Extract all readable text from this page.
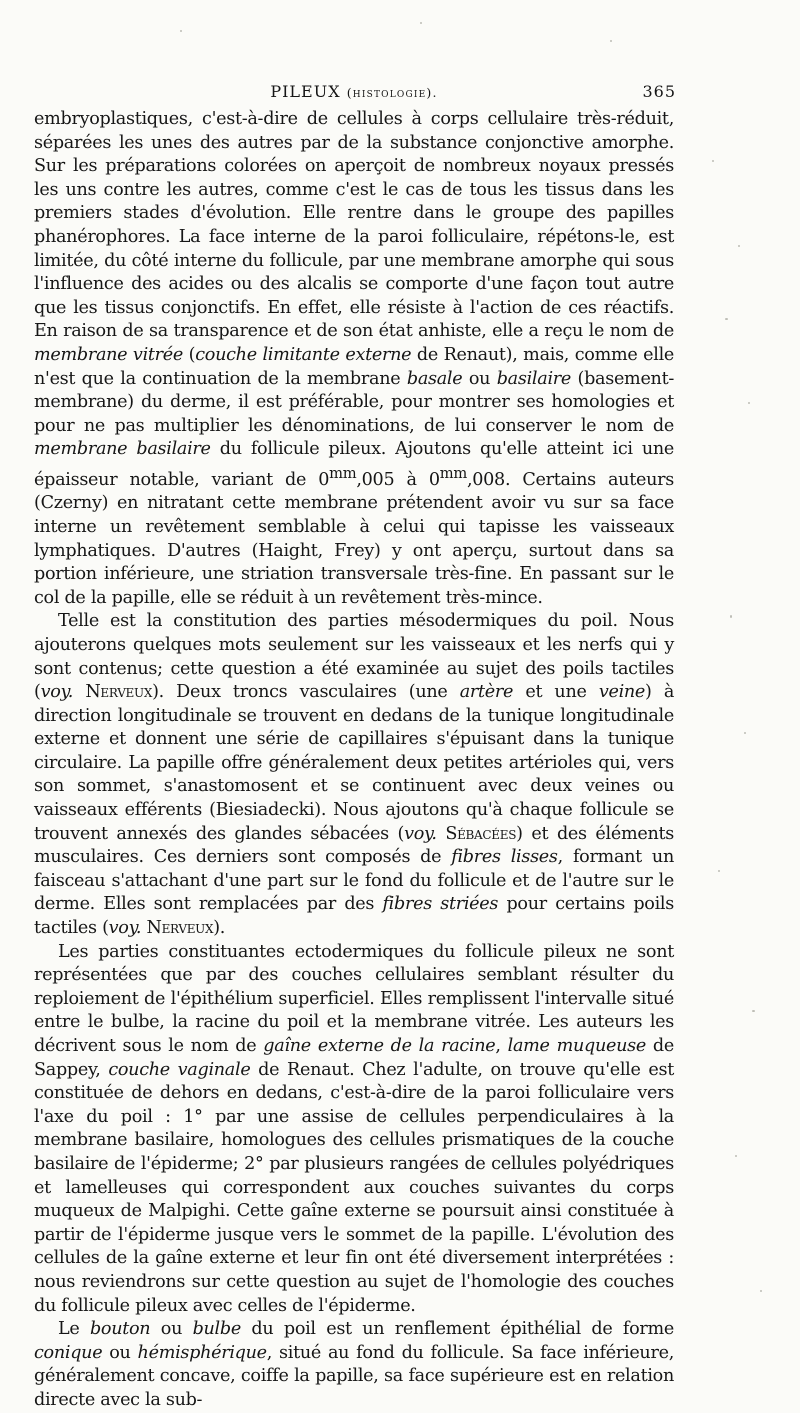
PILEUX (histologie).	365

embryoplastiques, c'est-à-dire de cellules à corps cellulaire très-réduit, séparées les unes des autres par de la substance conjonctive amorphe. Sur les préparations colorées on aperçoit de nombreux noyaux pressés les uns contre les autres, comme c'est le cas de tous les tissus dans les premiers stades d'évolution. Elle rentre dans le groupe des papilles phanérophores. La face interne de la paroi folliculaire, répétons-le, est limitée, du côté interne du follicule, par une membrane amorphe qui sous l'influence des acides ou des alcalis se comporte d'une façon tout autre que les tissus conjonctifs. En effet, elle résiste à l'action de ces réactifs. En raison de sa transparence et de son état anhiste, elle a reçu le nom de membrane vitrée (couche limitante externe de Renaut), mais, comme elle n'est que la continuation de la membrane basale ou basilaire (basement-membrane) du derme, il est préférable, pour montrer ses homologies et pour ne pas multiplier les dénominations, de lui conserver le nom de membrane basilaire du follicule pileux. Ajoutons qu'elle atteint ici une épaisseur notable, variant de $0^{mm},005$ à $0^{mm},008$. Certains auteurs (Czerny) en nitratant cette membrane prétendent avoir vu sur sa face interne un revêtement semblable à celui qui tapisse les vaisseaux lymphatiques. D'autres (Haight, Frey) y ont aperçu, surtout dans sa portion inférieure, une striation transversale très-fine. En passant sur le col de la papille, elle se réduit à un revêtement très-mince.

Telle est la constitution des parties mésodermiques du poil. Nous ajouterons quelques mots seulement sur les vaisseaux et les nerfs qui y sont contenus; cette question a été examinée au sujet des poils tactiles (voy. Nerveux). Deux troncs vasculaires (une artère et une veine) à direction longitudinale se trouvent en dedans de la tunique longitudinale externe et donnent une série de capillaires s'épuisant dans la tunique circulaire. La papille offre généralement deux petites artérioles qui, vers son sommet, s'anastomosent et se continuent avec deux veines ou vaisseaux efférents (Biesiadecki). Nous ajoutons qu'à chaque follicule se trouvent annexés des glandes sébacées (voy. Sébacées) et des éléments musculaires. Ces derniers sont composés de fibres lisses, formant un faisceau s'attachant d'une part sur le fond du follicule et de l'autre sur le derme. Elles sont remplacées par des fibres striées pour certains poils tactiles (voy. Nerveux).

Les parties constituantes ectodermiques du follicule pileux ne sont représentées que par des couches cellulaires semblant résulter du reploiement de l'épithélium superficiel. Elles remplissent l'intervalle situé entre le bulbe, la racine du poil et la membrane vitrée. Les auteurs les décrivent sous le nom de gaîne externe de la racine, lame muqueuse de Sappey, couche vaginale de Renaut. Chez l'adulte, on trouve qu'elle est constituée de dehors en dedans, c'est-à-dire de la paroi folliculaire vers l'axe du poil : 1° par une assise de cellules perpendiculaires à la membrane basilaire, homologues des cellules prismatiques de la couche basilaire de l'épiderme; 2° par plusieurs rangées de cellules polyédriques et lamelleuses qui correspondent aux couches suivantes du corps muqueux de Malpighi. Cette gaîne externe se poursuit ainsi constituée à partir de l'épiderme jusque vers le sommet de la papille. L'évolution des cellules de la gaîne externe et leur fin ont été diversement interprétées : nous reviendrons sur cette question au sujet de l'homologie des couches du follicule pileux avec celles de l'épiderme.

Le bouton ou bulbe du poil est un renflement épithélial de forme conique ou hémisphérique, situé au fond du follicule. Sa face inférieure, généralement concave, coiffe la papille, sa face supérieure est en relation directe avec la sub-
